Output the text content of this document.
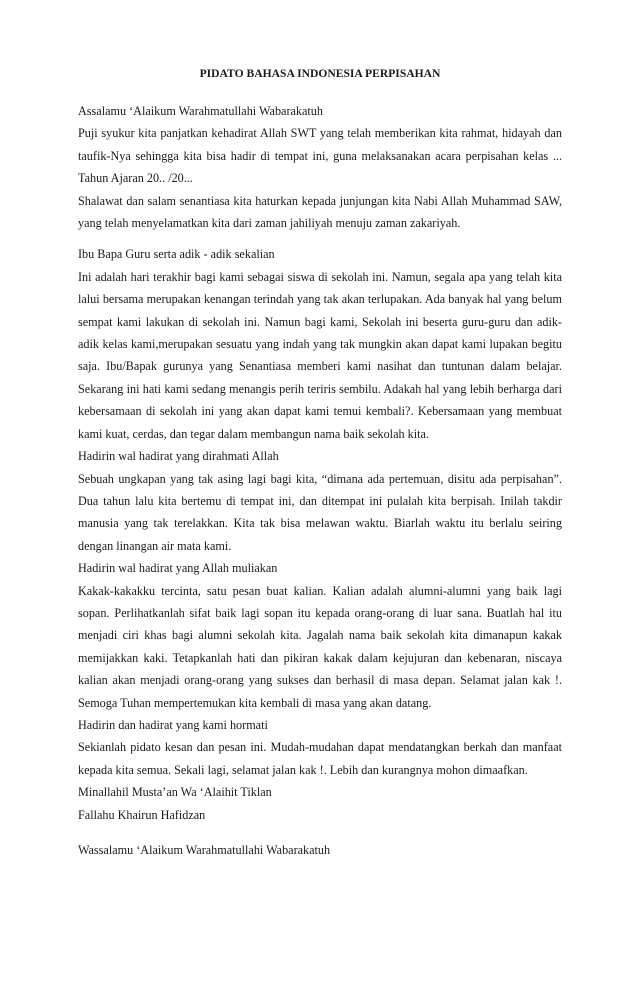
PIDATO BAHASA INDONESIA PERPISAHAN

Assalamu ‘Alaikum Warahmatullahi Wabarakatuh

Puji syukur kita panjatkan kehadirat Allah SWT yang telah memberikan kita rahmat, hidayah dan taufik-Nya sehingga kita bisa hadir di tempat ini, guna melaksanakan acara perpisahan kelas ... Tahun Ajaran 20.. /20...

Shalawat dan salam senantiasa kita haturkan kepada junjungan kita Nabi Allah Muhammad SAW, yang telah menyelamatkan kita dari zaman jahiliyah menuju zaman zakariyah.

Ibu Bapa Guru serta adik - adik sekalian

Ini adalah hari terakhir bagi kami sebagai siswa di sekolah ini. Namun, segala apa yang telah kita lalui bersama merupakan kenangan terindah yang tak akan terlupakan. Ada banyak hal yang belum sempat kami lakukan di sekolah ini. Namun bagi kami, Sekolah ini beserta guru-guru dan adik-adik kelas kami,merupakan sesuatu yang indah yang tak mungkin akan dapat kami lupakan begitu saja. Ibu/Bapak gurunya yang Senantiasa memberi kami nasihat dan tuntunan dalam belajar. Sekarang ini hati kami sedang menangis perih teriris sembilu. Adakah hal yang lebih berharga dari kebersamaan di sekolah ini yang akan dapat kami temui kembali?. Kebersamaan yang membuat kami kuat, cerdas, dan tegar dalam membangun nama baik sekolah kita.

Hadirin wal hadirat yang dirahmati Allah

Sebuah ungkapan yang tak asing lagi bagi kita, “dimana ada pertemuan, disitu ada perpisahan”. Dua tahun lalu kita bertemu di tempat ini, dan ditempat ini pulalah kita berpisah. Inilah takdir manusia yang tak terelakkan. Kita tak bisa melawan waktu. Biarlah waktu itu berlalu seiring dengan linangan air mata kami.

Hadirin wal hadirat yang Allah muliakan

Kakak-kakakku tercinta, satu pesan buat kalian. Kalian adalah alumni-alumni yang baik lagi sopan. Perlihatkanlah sifat baik lagi sopan itu kepada orang-orang di luar sana. Buatlah hal itu menjadi ciri khas bagi alumni sekolah kita. Jagalah nama baik sekolah kita dimanapun kakak memijakkan kaki. Tetapkanlah hati dan pikiran kakak dalam kejujuran dan kebenaran, niscaya kalian akan menjadi orang-orang yang sukses dan berhasil di masa depan. Selamat jalan kak !. Semoga Tuhan mempertemukan kita kembali di masa yang akan datang.

Hadirin dan hadirat yang kami hormati

Sekianlah pidato kesan dan pesan ini. Mudah-mudahan dapat mendatangkan berkah dan manfaat kepada kita semua. Sekali lagi, selamat jalan kak !. Lebih dan kurangnya mohon dimaafkan.

Minallahil Musta’an Wa ‘Alaihit Tiklan

Fallahu Khairun Hafidzan

Wassalamu ‘Alaikum Warahmatullahi Wabarakatuh
